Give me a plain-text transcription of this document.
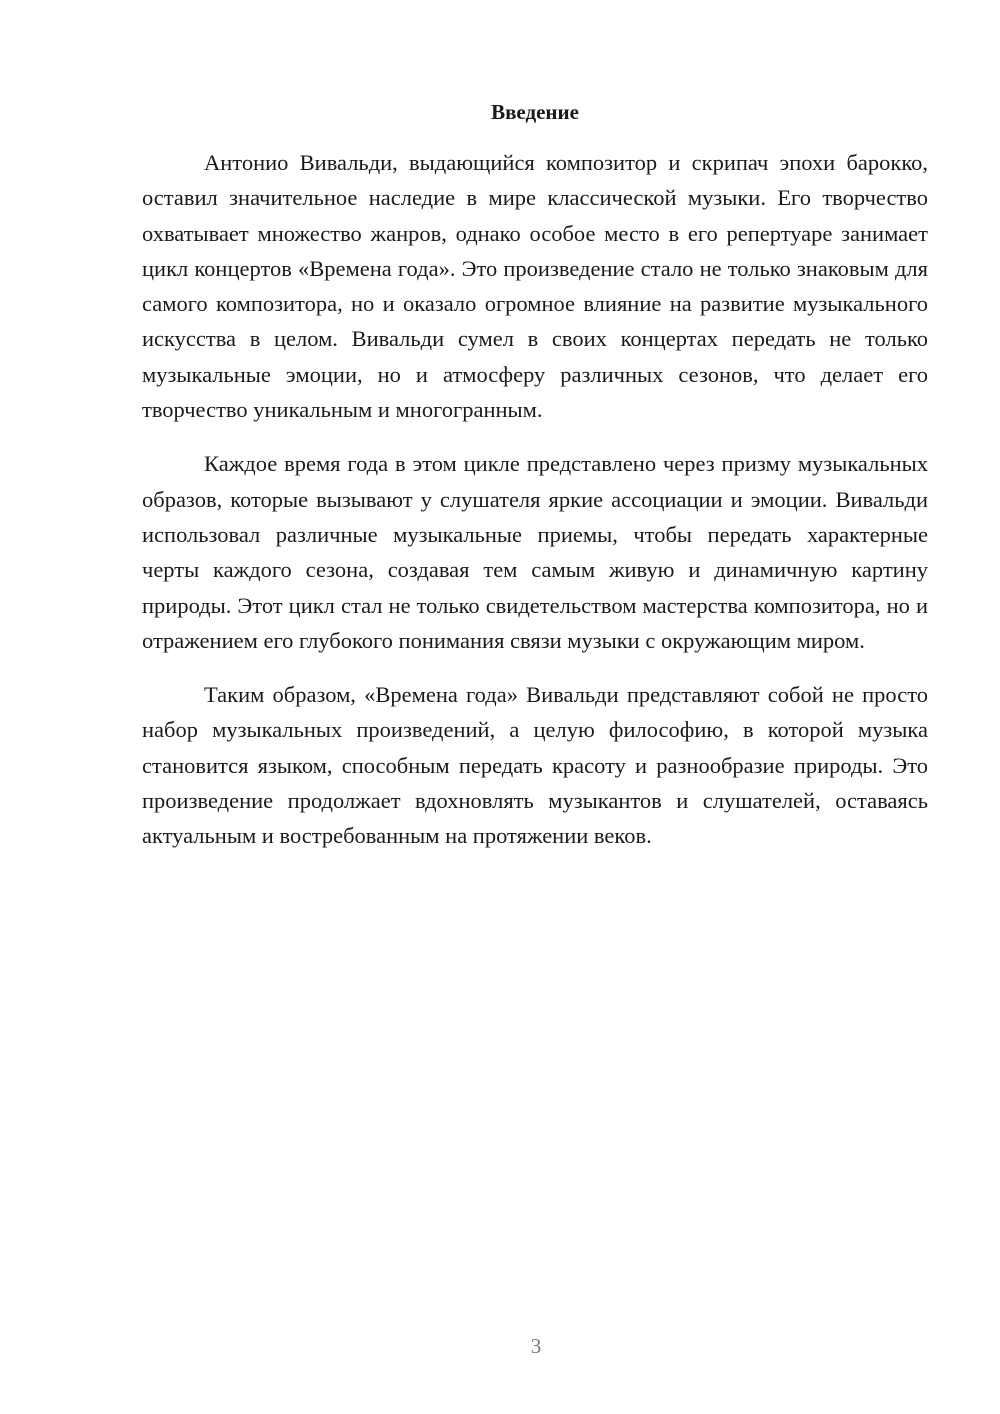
Введение

Антонио Вивальди, выдающийся композитор и скрипач эпохи барокко, оставил значительное наследие в мире классической музыки. Его творчество охватывает множество жанров, однако особое место в его репертуаре занимает цикл концертов «Времена года». Это произведение стало не только знаковым для самого композитора, но и оказало огромное влияние на развитие музыкального искусства в целом. Вивальди сумел в своих концертах передать не только музыкальные эмоции, но и атмосферу различных сезонов, что делает его творчество уникальным и многогранным.

Каждое время года в этом цикле представлено через призму музыкальных образов, которые вызывают у слушателя яркие ассоциации и эмоции. Вивальди использовал различные музыкальные приемы, чтобы передать характерные черты каждого сезона, создавая тем самым живую и динамичную картину природы. Этот цикл стал не только свидетельством мастерства композитора, но и отражением его глубокого понимания связи музыки с окружающим миром.

Таким образом, «Времена года» Вивальди представляют собой не просто набор музыкальных произведений, а целую философию, в которой музыка становится языком, способным передать красоту и разнообразие природы. Это произведение продолжает вдохновлять музыкантов и слушателей, оставаясь актуальным и востребованным на протяжении веков.

3
